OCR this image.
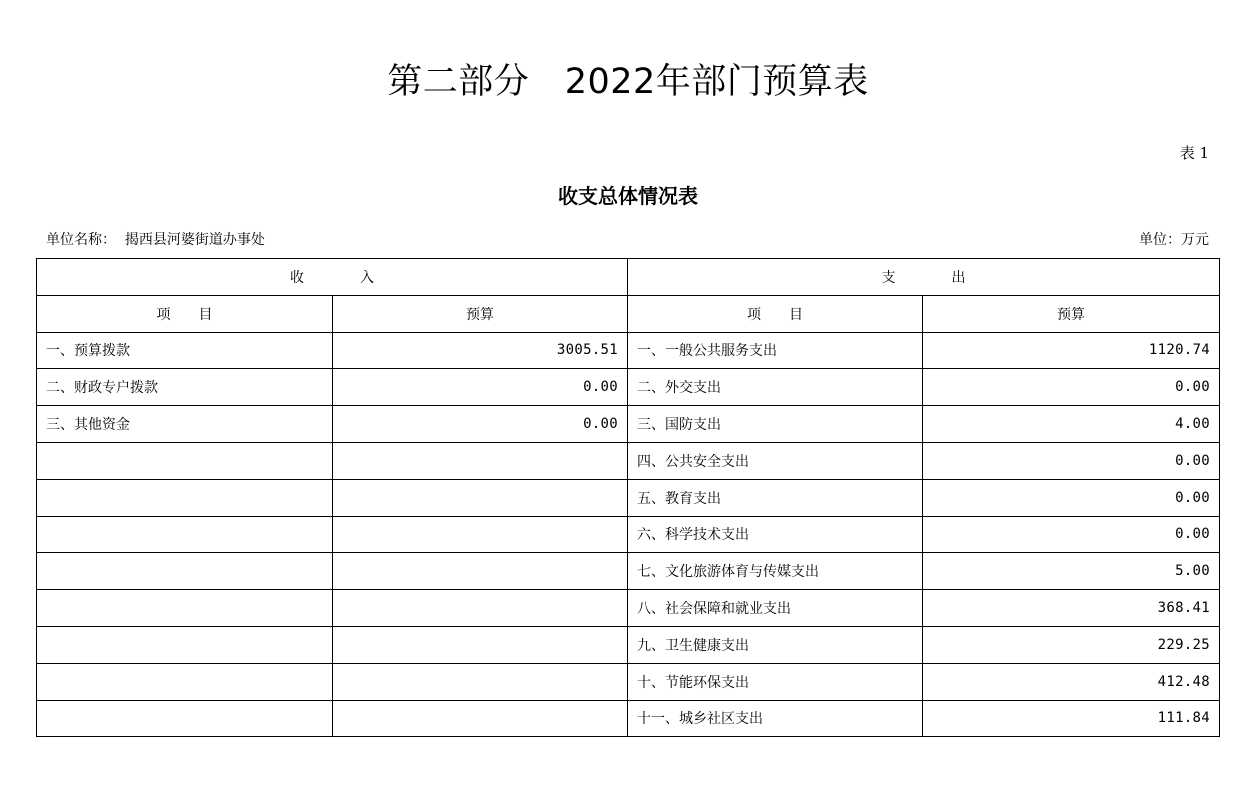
第二部分　2022年部门预算表
表 1
收支总体情况表
单位名称：  揭西县河婆街道办事处	单位：万元
收　　　　入		支　　　　出	
项　　目	预算	项　　目	预算
一、预算拨款	3005.51	一、一般公共服务支出	1120.74
二、财政专户拨款	0.00	二、外交支出	0.00
三、其他资金	0.00	三、国防支出	4.00
		四、公共安全支出	0.00
		五、教育支出	0.00
		六、科学技术支出	0.00
		七、文化旅游体育与传媒支出	5.00
		八、社会保障和就业支出	368.41
		九、卫生健康支出	229.25
		十、节能环保支出	412.48
		十一、城乡社区支出	111.84
